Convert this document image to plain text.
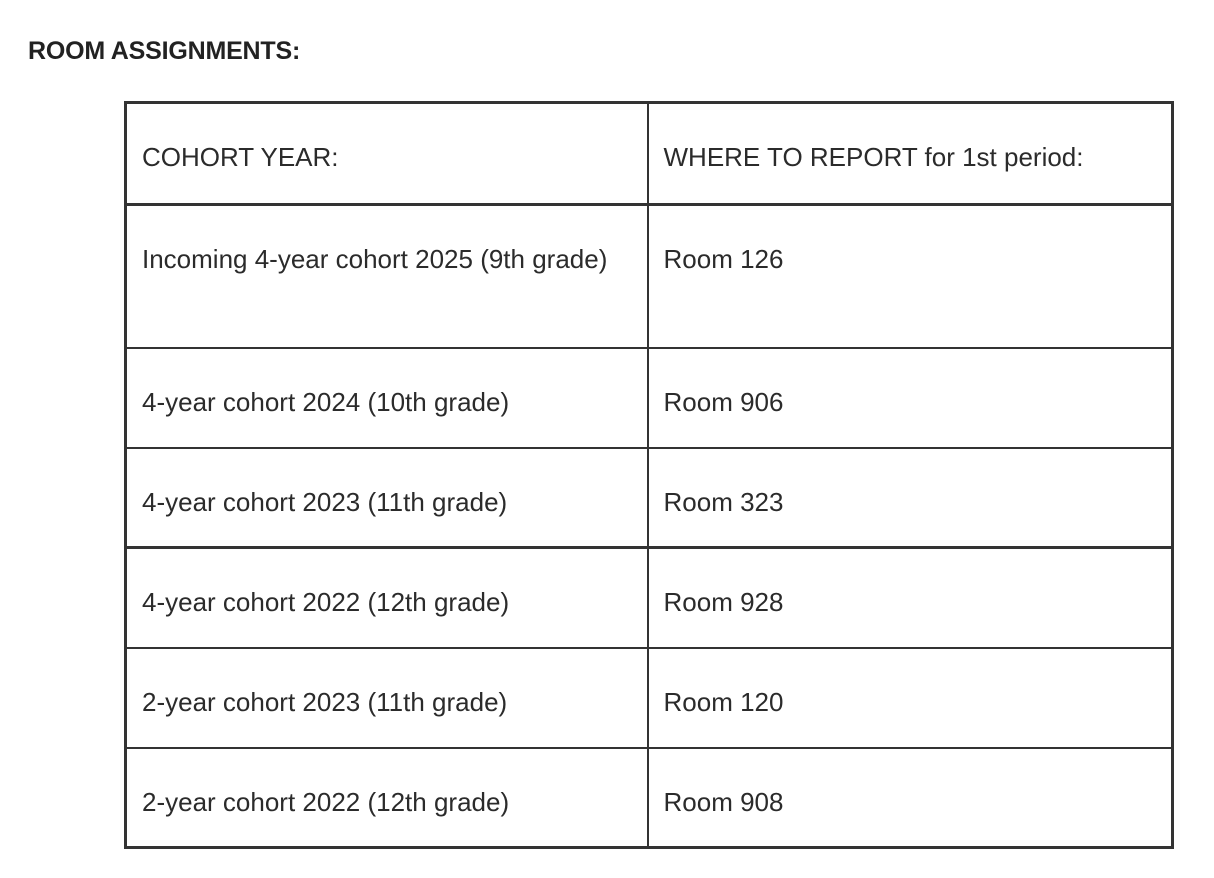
ROOM ASSIGNMENTS:
COHORT YEAR:	WHERE TO REPORT for 1st period:
Incoming 4-year cohort 2025 (9th grade)	Room 126
4-year cohort 2024 (10th grade)	Room 906
4-year cohort 2023 (11th grade)	Room 323
4-year cohort 2022 (12th grade)	Room 928
2-year cohort 2023 (11th grade)	Room 120
2-year cohort 2022 (12th grade)	Room 908
